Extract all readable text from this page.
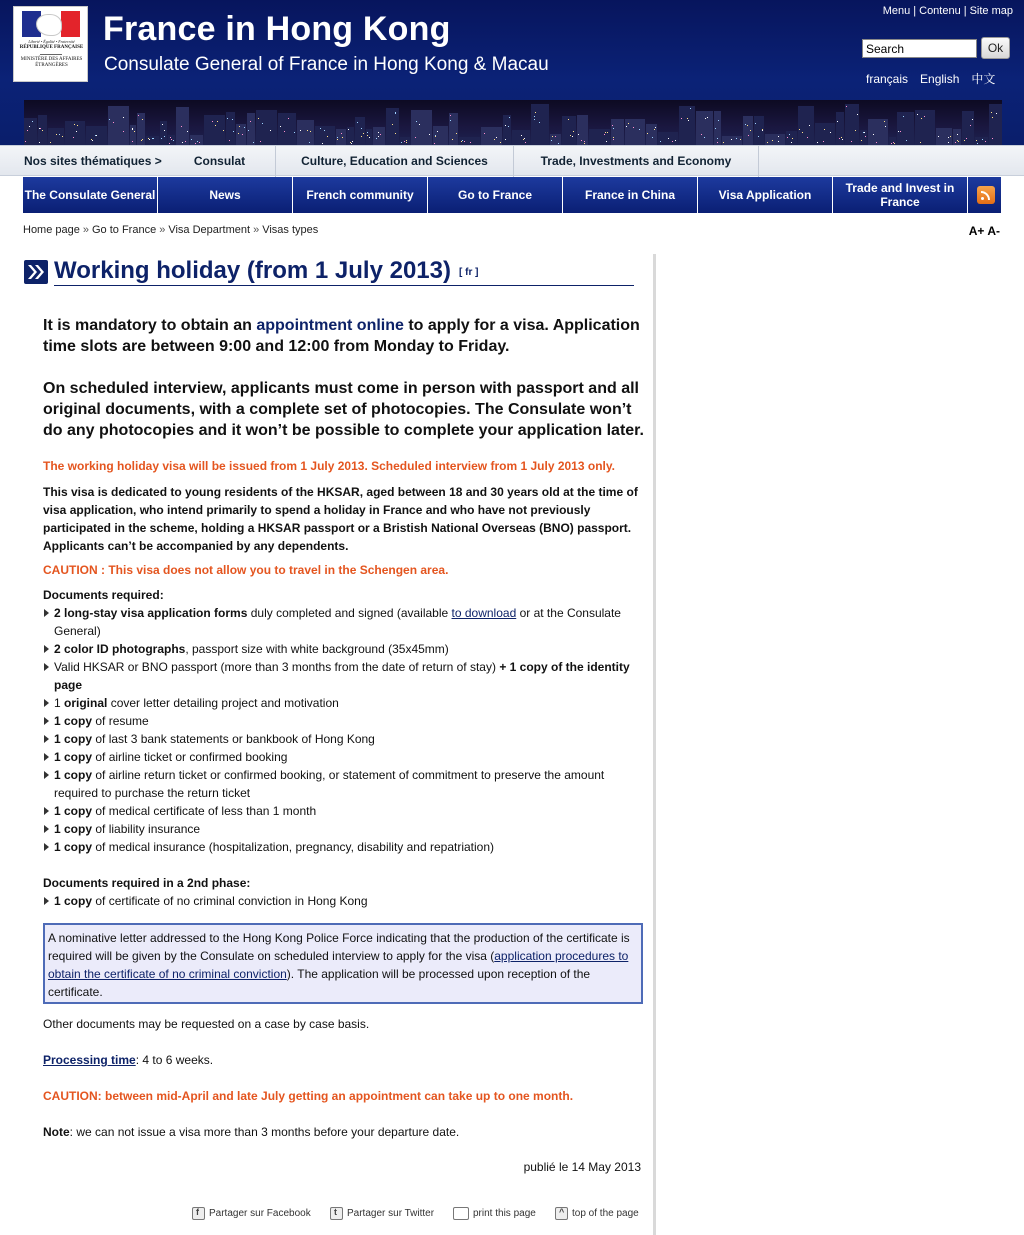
Liberté • Égalité • Fraternité
RÉPUBLIQUE FRANÇAISE
MINISTÈRE DES AFFAIRES ÉTRANGÈRES
France in Hong Kong
Consulate General of France in Hong Kong & Macau
Menu | Contenu | Site map
Search
Ok
français English 中文
Nos sites thématiques >	Consulat	Culture, Education and Sciences	Trade, Investments and Economy
The Consulate General	News	French community	Go to France	France in China	Visa Application	Trade and Invest in France
Home page » Go to France » Visa Department » Visas types	A+ A-
Working holiday (from 1 July 2013) [ fr ]
It is mandatory to obtain an appointment online to apply for a visa. Application time slots are between 9:00 and 12:00 from Monday to Friday.
On scheduled interview, applicants must come in person with passport and all original documents, with a complete set of photocopies. The Consulate won’t do any photocopies and it won’t be possible to complete your application later.
The working holiday visa will be issued from 1 July 2013. Scheduled interview from 1 July 2013 only.
This visa is dedicated to young residents of the HKSAR, aged between 18 and 30 years old at the time of visa application, who intend primarily to spend a holiday in France and who have not previously participated in the scheme, holding a HKSAR passport or a Bristish National Overseas (BNO) passport. Applicants can’t be accompanied by any dependents.
CAUTION : This visa does not allow you to travel in the Schengen area.
Documents required:
2 long-stay visa application forms duly completed and signed (available to download or at the Consulate General)
2 color ID photographs, passport size with white background (35x45mm)
Valid HKSAR or BNO passport (more than 3 months from the date of return of stay) + 1 copy of the identity page
1 original cover letter detailing project and motivation
1 copy of resume
1 copy of last 3 bank statements or bankbook of Hong Kong
1 copy of airline ticket or confirmed booking
1 copy of airline return ticket or confirmed booking, or statement of commitment to preserve the amount required to purchase the return ticket
1 copy of medical certificate of less than 1 month
1 copy of liability insurance
1 copy of medical insurance (hospitalization, pregnancy, disability and repatriation)
Documents required in a 2nd phase:
1 copy of certificate of no criminal conviction in Hong Kong
A nominative letter addressed to the Hong Kong Police Force indicating that the production of the certificate is required will be given by the Consulate on scheduled interview to apply for the visa (application procedures to obtain the certificate of no criminal conviction). The application will be processed upon reception of the certificate.
Other documents may be requested on a case by case basis.
Processing time: 4 to 6 weeks.
CAUTION: between mid-April and late July getting an appointment can take up to one month.
Note: we can not issue a visa more than 3 months before your departure date.
publié le 14 May 2013
f
Partager sur Facebook t	Partager sur Twitter	print this page ^	top of the page
